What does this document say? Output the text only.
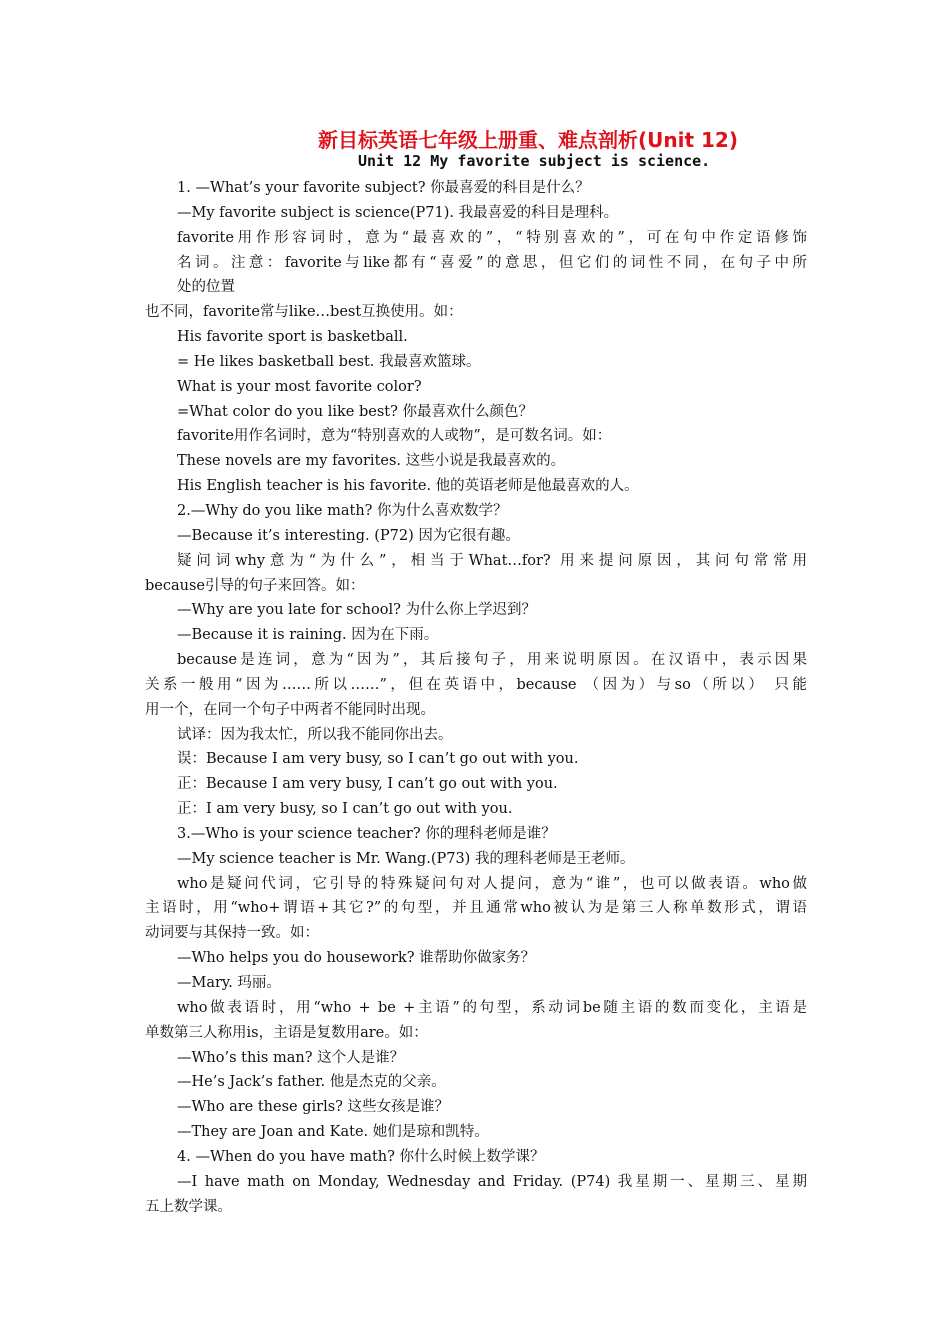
新目标英语七年级上册重、难点剖析(Unit 12)
Unit 12 My favorite subject is science.
1. —What’s your favorite subject? 你最喜爱的科目是什么？
—My favorite subject is science(P71). 我最喜爱的科目是理科。
favorite用作形容词时，意为“最喜欢的”，“特别喜欢的”，可在句中作定语修饰
名词。注意：favorite与like都有“喜爱”的意思，但它们的词性不同，在句子中所
处的位置
也不同，favorite常与like…best互换使用。如：
His favorite sport is basketball.
= He likes basketball best. 我最喜欢篮球。
What is your most favorite color?
=What color do you like best? 你最喜欢什么颜色？
favorite用作名词时，意为“特别喜欢的人或物”，是可数名词。如：
These novels are my favorites. 这些小说是我最喜欢的。
His English teacher is his favorite. 他的英语老师是他最喜欢的人。
2.—Why do you like math? 你为什么喜欢数学？
—Because it’s interesting. (P72) 因为它很有趣。
疑问词why意为“为什么”，相当于What…for? 用来提问原因，其问句常常用
because引导的句子来回答。如：
—Why are you late for school? 为什么你上学迟到？
—Because it is raining. 因为在下雨。
because是连词，意为“因为”，其后接句子，用来说明原因。在汉语中，表示因果
关系一般用“因为……所以……”，但在英语中，because （因为）与so（所以） 只能
用一个，在同一个句子中两者不能同时出现。
试译：因为我太忙，所以我不能同你出去。
误：Because I am very busy, so I can’t go out with you.
正：Because I am very busy, I can’t go out with you.
正：I am very busy, so I can’t go out with you.
3.—Who is your science teacher? 你的理科老师是谁？
—My science teacher is Mr. Wang.(P73) 我的理科老师是王老师。
who是疑问代词，它引导的特殊疑问句对人提问，意为“谁”，也可以做表语。who做
主语时，用“who+谓语+其它?”的句型，并且通常who被认为是第三人称单数形式，谓语
动词要与其保持一致。如：
—Who helps you do housework? 谁帮助你做家务？
—Mary. 玛丽。
who做表语时，用“who + be +主语”的句型，系动词be随主语的数而变化，主语是
单数第三人称用is，主语是复数用are。如：
—Who’s this man? 这个人是谁？
—He’s Jack’s father. 他是杰克的父亲。
—Who are these girls? 这些女孩是谁？
—They are Joan and Kate. 她们是琼和凯特。
4. —When do you have math? 你什么时候上数学课？
—I have math on Monday, Wednesday and Friday. (P74) 我星期一、星期三、星期
五上数学课。
